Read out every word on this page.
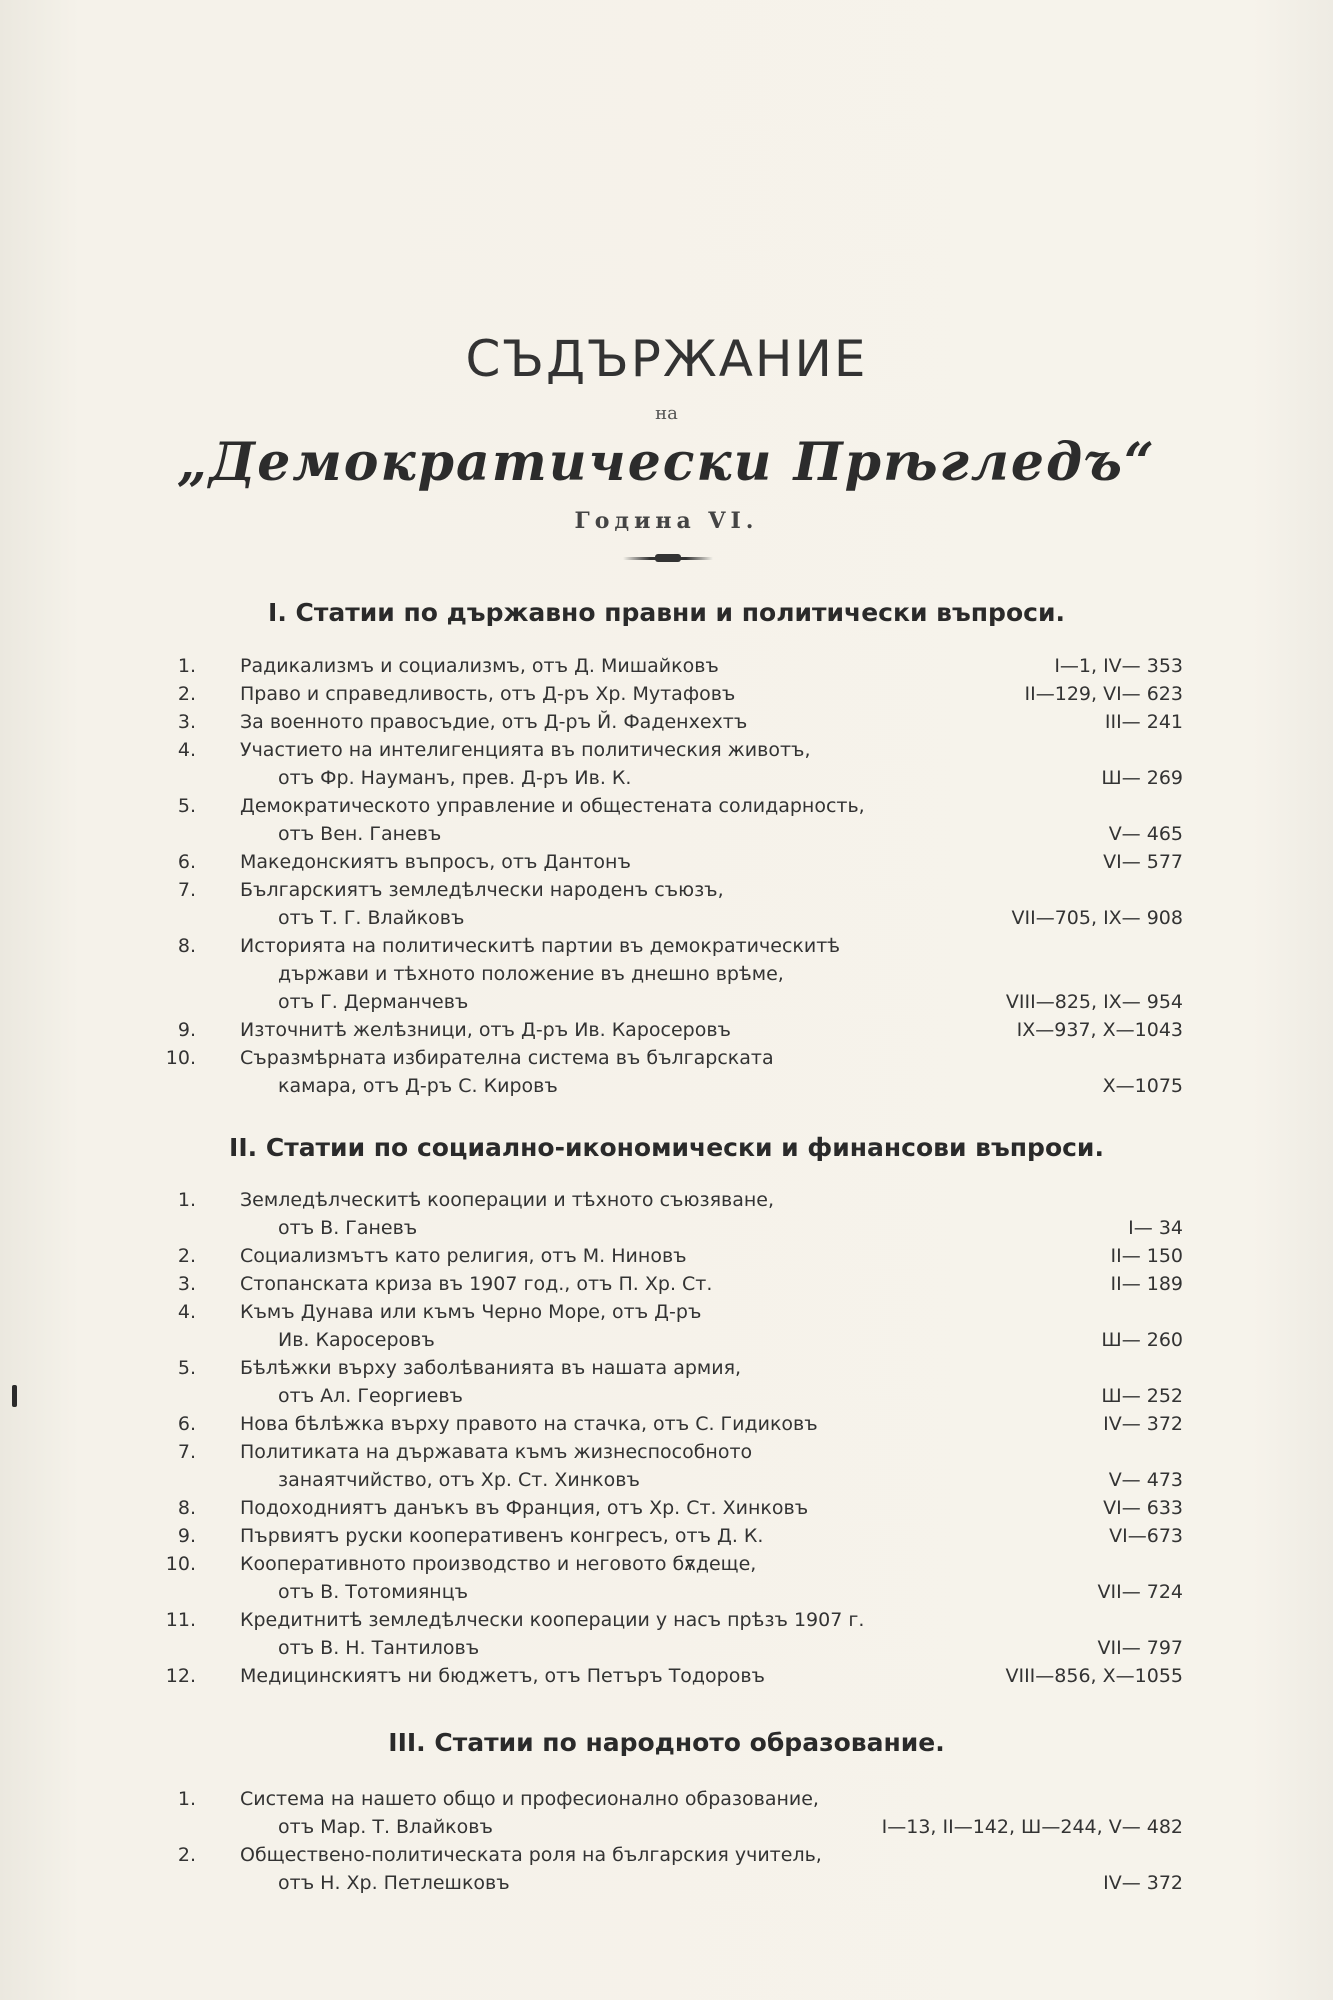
СЪДЪРЖАНИЕ
на
„Демократически Прѣгледъ“
Година VI.
I. Статии по държавно правни и политически въпроси.
1. Радикализмъ и социализмъ, отъ Д. Мишайковъ	I—1, IV— 353
2. Право и справедливость, отъ Д-ръ Хр. Мутафовъ	II—129, VI— 623
3. За военното правосъдие, отъ Д-ръ Й. Фаденхехтъ	III— 241
4. Участието на интелигенцията въ политическия животъ,
отъ Фр. Науманъ, прев. Д-ръ Ив. К.	Ш— 269
5. Демократическото управление и общестената солидарность,
отъ Вен. Ганевъ	V— 465
6. Македонскиятъ въпросъ, отъ Дантонъ	VI— 577
7. Българскиятъ земледѣлчески народенъ съюзъ,
отъ Т. Г. Влайковъ	VII—705, IX— 908
8. Историята на политическитѣ партии въ демократическитѣ
държави и тѣхното положение въ днешно врѣме,
отъ Г. Дерманчевъ	VIII—825, IX— 954
9. Източнитѣ желѣзници, отъ Д-ръ Ив. Каросеровъ	IX—937, X—1043
10. Съразмѣрната избирателна система въ българската
камара, отъ Д-ръ С. Кировъ	X—1075
II. Статии по социално-икономически и финансови въпроси.
1. Земледѣлческитѣ кооперации и тѣхното съюзяване,
отъ В. Ганевъ	I— 34
2. Социализмътъ като религия, отъ М. Ниновъ	II— 150
3. Стопанската криза въ 1907 год., отъ П. Хр. Ст.	II— 189
4. Къмъ Дунава или къмъ Черно Море, отъ Д-ръ
Ив. Каросеровъ	Ш— 260
5. Бѣлѣжки върху заболѣванията въ нашата армия,
отъ Ал. Георгиевъ	Ш— 252
6. Нова бѣлѣжка върху правото на стачка, отъ С. Гидиковъ	IV— 372
7. Политиката на държавата къмъ жизнеспособното
занаятчийство, отъ Хр. Ст. Хинковъ	V— 473
8. Подоходниятъ данъкъ въ Франция, отъ Хр. Ст. Хинковъ	VI— 633
9. Първиятъ руски кооперативенъ конгресъ, отъ Д. К.	VI—673
10. Кооперативното производство и неговото бѫдеще,
отъ В. Тотомиянцъ	VII— 724
11. Кредитнитѣ земледѣлчески кооперации у насъ прѣзъ 1907 г.
отъ В. Н. Тантиловъ	VII— 797
12. Медицинскиятъ ни бюджетъ, отъ Петъръ Тодоровъ	VIII—856, X—1055
III. Статии по народното образование.
1. Система на нашето общо и професионално образование,
отъ Мар. Т. Влайковъ	I—13, II—142, Ш—244, V— 482
2. Обществено-политическата роля на българския учитель,
отъ Н. Хр. Петлешковъ	IV— 372
